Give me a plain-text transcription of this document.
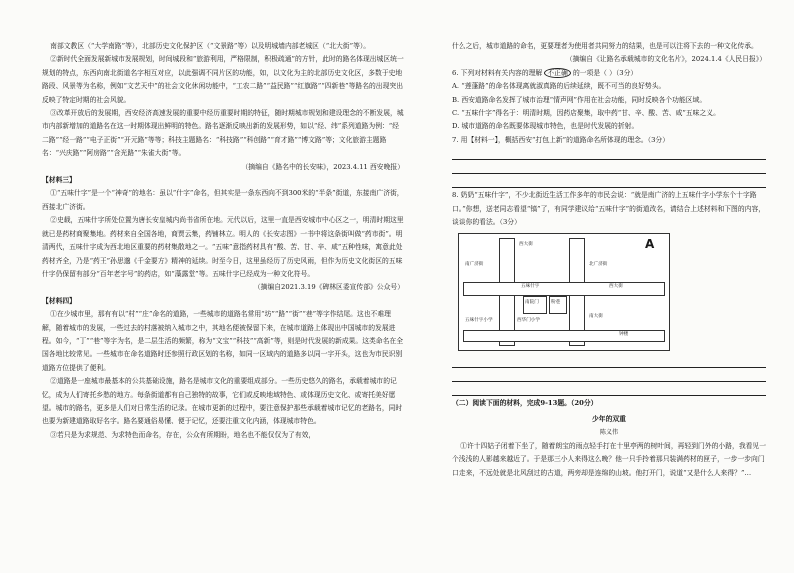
南部文教区（“大学南路”等），北部历史文化保护区（“文景路”等）以及明城墙内部老城区（“北大街”等）。

②新时代全面发展新城市发展规划，时间城段和“旅游利用，严格限制，积极疏通”的方针，此时的路名体现出城区统一规划的特点，东西向南北街道名字相互对应，以此强调不同片区的功能，如，以文化为主的北部历史文化区，多数于史地路段、风景等为名称，例如“文艺天中”的社会文化休闲功能中，“工农二路”“益民路”“红旗路”“四新巷”等路名的出现突出反映了特定时期的社会风貌。

③改革开放后的发展期，西安经济高速发展的重要中经历重要时期的特征，随时期城市规划和建设理念的不断发展，城市内部新增加的道路名在这一时期体现出鲜明的特色。路名逐渐反映出新的发展形势，如以“经、纬”系列道路为例：“经二路”“经一路”“电子正街”“开元路”等等；科技主题路名：“科技路”“科创路”“育才路”“博文路”等；文化旅游主题路名：“兴庆路”“阿房路”“含光路”“朱雀大街”等。

（摘编自《路名中的长安味》，2023.4.11 西安晚报）

【材料三】

①“五味什字”是一个“神奇”的地名：虽以“什字”命名，但其实是一条东西向不到300米的“半条”街道，东接南广济街，西接北广济街。

②史载，五味什字所处位置为唐长安皇城内尚书省所在地。元代以后，这里一直是西安城市中心区之一，明清时期这里就已是药材商聚集地。药材来自全国各地，商贾云集，药铺林立。明人的《长安志图》一书中将这条街叫做“药市街”。明清两代，五味什字成为西北地区重要的药材集散地之一。“五味”意指药材具有“酸、苦、甘、辛、咸”五种性味，寓意此处药材齐全，乃是“药王”孙思邈《千金要方》精神的延续。时至今日，这里虽经历了历史风雨，但作为历史文化街区的五味什字仍保留有部分“百年老字号”的药店，如“藻露堂”等。五味什字已经成为一种文化符号。

（摘编自2021.3.19《碑林区委宣传部》公众号）

【材料四】

①在少城市里，那有有以“村”“庄”命名的道路，一些城市的道路名常用“坊”“路”“街”“巷”等字作结尾。这也不难理解，随着城市的发展，一些过去的村落被纳入城市之中，其地名便被保留下来，在城市道路上体现出中国城市的发展进程。如今，“丁”“巷”等字为名，是二层生活的频繁，称为“文宝”“科技”“高新”等，则是时代发展的新成果。这类命名在全国各地比较常见。一些城市在命名道路时还参照行政区划的名称，如同一区域内的道路多以同一字开头，这也为市民识别道路方位提供了便利。

②道路是一座城市最基本的公共基础设施，路名是城市文化的重要组成部分。一些历史悠久的路名，承载着城市的记忆，成为人们寄托乡愁的地方。每条街道都有自己独特的故事，它们或反映地域特色、或体现历史文化、或寄托美好愿望。城市的路名，更多是人们对日常生活的记录。在城市更新的过程中，要注意保护那些承载着城市记忆的老路名，同时也要为新建道路取好名字。路名要通俗易懂、便于记忆，还要注重文化内涵，体现城市特色。

③若只是为求规范、为求特色而命名，存在，公众有所期盼，地名也不能仅仅为了有效，

什么之后，城市道路的命名，更要理者为使用者共同努力的结果，也是可以注将下去的一种文化传承。

（摘编自《让路名承载城市的文化名片》，2024.1.4《人民日报》）

6. 下列对材料有关内容的理解 不正确 的一项是（ ）（3分）

A. “莲蓬路”的命名体现离就淑真路的后续延续，既不可当的良好势头。

B. 西安道路命名发挥了城市治理“情声网”作用在社会功能，同时反映各个功能区域。

C. “五味什字”得名于：明清时期，因药店聚集，取中药“甘、辛、酸、苦、咸”五味之义。

D. 城市道路的命名既要体现城市特色，也是时代发展的折射。

7. 用【材料一】，概括西安“打包上新”的道路命名所体现的理念。（3分）

8. 奶奶“五味什字”，不少北街近生活工作多年的市民会说：“就是南广济的上五味什字小学东个十字路口。”你想，送老同志看望“镐”了，有同学建议给“五味什字”的街道改名，请结合上述材料和下图的内容，谈谈你的看法。（3分）

A
西大街
南广济街	北广济街
西大街
五味什字
南院门	粉巷
南大街
西华门小学
五味什字小学
钟楼

（二）阅读下面的材料，完成9-13题。（20分）

少年的双重

陈义伟

①许十四姑子闭着下坐了，随着朗宝的雨点轻手打在十里亭两的树叶间，再轻到门外的小路，我看见一个浅浅的人影越来越近了。于是那三小人来得这么晚？他一只手拎着那只装满药材的匣子，一步一步向门口走来，不远处就是北风刮过的古道，两旁却是连绵的山坡。他打开门，说道“又是什么人来得？”…
